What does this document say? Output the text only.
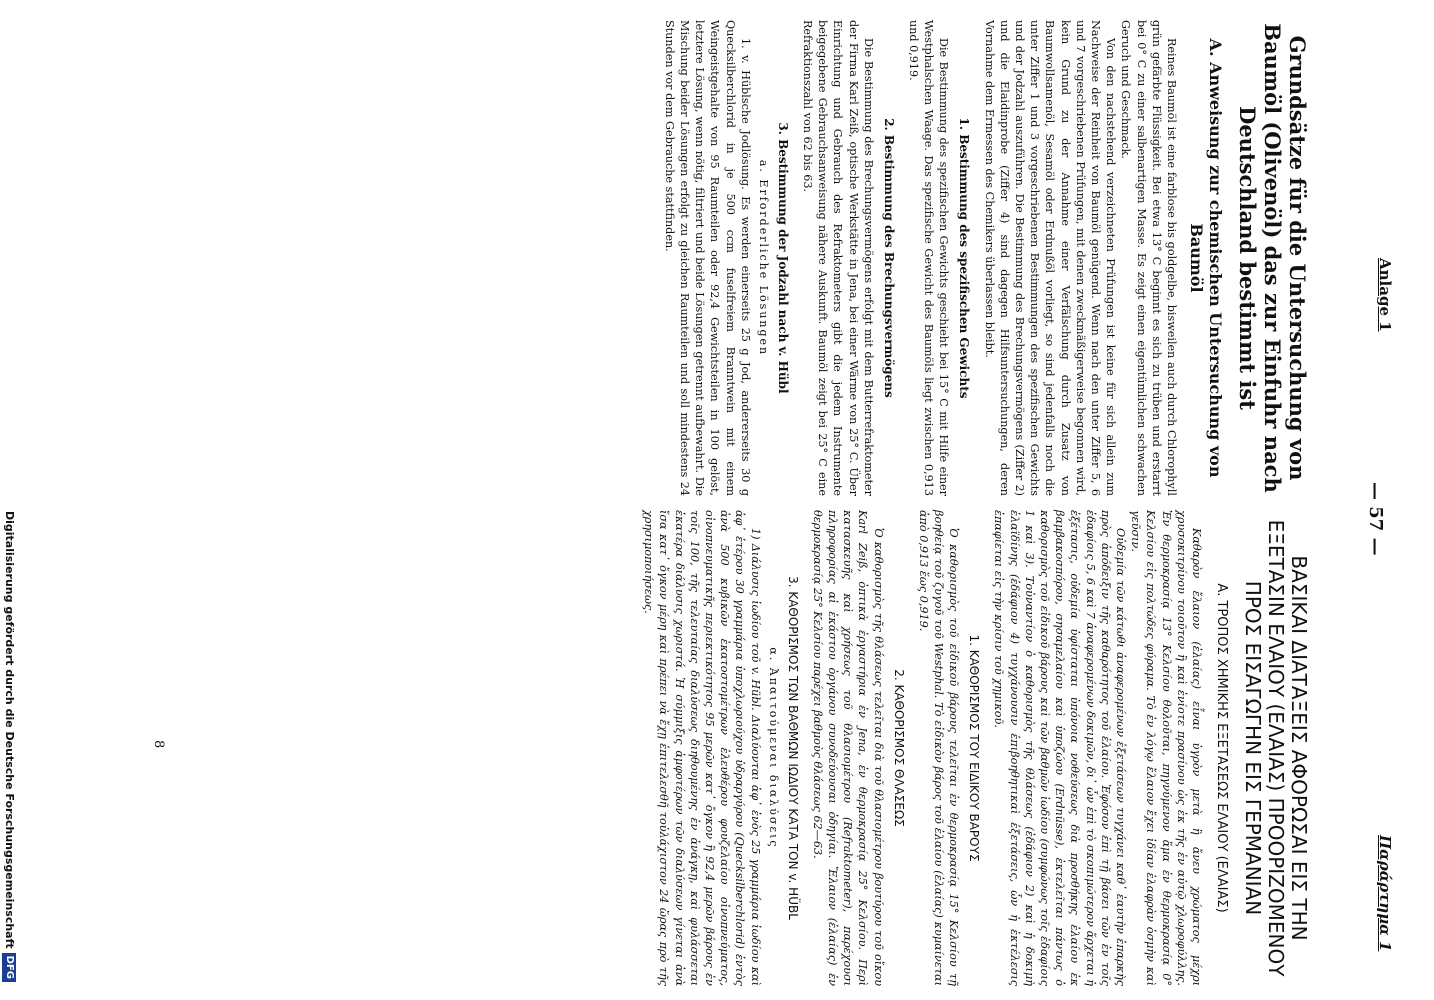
Anlage 1
— 57 —
Παράρτημα 1
Grundsätze für die Untersuchung von Baumöl (Olivenöl) das zur Einfuhr nach Deutschland bestimmt ist
A. Anweisung zur chemischen Untersuchung von Baumöl

Reines Baumöl ist eine farblose bis goldgelbe, bisweilen auch durch Chlorophyll grün gefärbte Flüssigkeit. Bei etwa 13° C beginnt es sich zu trüben und erstarrt bei 0° C zu einer salbenartigen Masse. Es zeigt einen eigentümlichen schwachen Geruch und Geschmack.

Von den nachstehend verzeichneten Prüfungen ist keine für sich allein zum Nachweise der Reinheit von Baumöl genügend. Wenn nach den unter Ziffer 5, 6 und 7 vorgeschriebenen Prüfungen, mit denen zweckmäßigerweise begonnen wird, kein Grund zu der Annahme einer Verfälschung durch Zusatz von Baumwollsamenöl, Sesamöl oder Erdnußöl vorliegt, so sind jedenfalls noch die unter Ziffer 1 und 3 vorgeschriebenen Bestimmungen des spezifischen Gewichts und der Jodzahl auszuführen. Die Bestimmung des Brechungsvermögens (Ziffer 2) und die Elaidinprobe (Ziffer 4) sind dagegen Hilfsuntersuchungen, deren Vornahme dem Ermessen des Chemikers überlassen bleibt.

1. Bestimmung des spezifischen Gewichts

Die Bestimmung des spezifischen Gewichts geschieht bei 15° C mit Hilfe einer Westphalschen Waage. Das spezifische Gewicht des Baumöls liegt zwischen 0,913 und 0,919.

2. Bestimmung des Brechungsvermögens

Die Bestimmung des Brechungsvermögens erfolgt mit dem Butterrefraktometer der Firma Karl Zeiß, optische Werkstätte in Jena, bei einer Wärme von 25° C. Über Einrichtung und Gebrauch des Refraktometers gibt die jedem Instrumente beigegebene Gebrauchsanweisung nähere Auskunft. Baumöl zeigt bei 25° C eine Refraktionszahl von 62 bis 63.

3. Bestimmung der Jodzahl nach v. Hübl
a. Erforderliche Lösungen

1. v. Hüblsche Jodlösung. Es werden einerseits 25 g Jod, andererseits 30 g Quecksilberchlorid in je 500 ccm fuselfreiem Branntwein mit einem Weingeistgehalte von 95 Raumteilen oder 92,4 Gewichtsteilen in 100 gelöst, letztere Lösung, wenn nötig, filtriert und beide Lösungen getrennt aufbewahrt. Die Mischung beider Lösungen erfolgt zu gleichen Raumteilen und soll mindestens 24 Stunden vor dem Gebrauche stattfinden.

ΒΑΣΙΚΑΙ ΔΙΑΤΑΞΕΙΣ ΑΦΟΡΩΣΑΙ ΕΙΣ ΤΗΝ ΕΞΕΤΑΣΙΝ ΕΛΑΙΟΥ (ΕΛΑΙΑΣ) ΠΡΟΟΡΙΖΟΜΕΝΟΥ ΠΡΟΣ ΕΙΣΑΓΩΓΗΝ ΕΙΣ ΓΕΡΜΑΝΙΑΝ
Α. ΤΡΟΠΟΣ ΧΗΜΙΚΗΣ ΕΞΕΤΑΣΕΩΣ ΕΛΑΙΟΥ (ΕΛΑΙΑΣ)

Καθαρὸν ἔλαιον (ἐλαίας) εἶναι ὑγρὸν μετὰ ἢ ἄνευ χρώματος μέχρι χρυσοκιτρίνου τοιοῦτον ἢ καὶ ἐνίοτε πρασίνου ὡς ἐκ τῆς ἐν αὐτῷ χλωροφύλλης. Ἐν θερμοκρασίᾳ 13° Κελσίου θολοῦται, πηγνύμενον ἅμα ἐν θερμοκρασίᾳ 0° Κελσίου εἰς πολτώδες φύραμα. Τὸ ἐν λόγῳ ἔλαιον ἔχει ἰδίαν ἐλαφρὰν ὀσμὴν καὶ γεῦσιν.

Οὐδεμία τῶν κάτωθι ἀναφερομένων ἐξετάσεων τυγχάνει καθ᾽ ἑαυτὴν ἐπαρκὴς πρὸς ἀπόδειξιν τῆς καθαρότητος τοῦ ἐλαίου. Ἐφόσον ἐπὶ τῇ βάσει τῶν ἐν τοῖς ἐδαφίοις 5, 6 καὶ 7 ἀναφερομένων δοκιμῶν, δι᾽ ὧν ἐπὶ τὸ σκοπιμώτερον ἄρχεται ἡ ἐξέτασις, οὐδεμία ὑφίσταται ὑπόνοια νοθεύσεως διὰ προσθήκης ἐλαίου ἐκ βαμβακοσπόρου, σησαμελαίου καὶ ὑποζώου (Erdnüsse), ἐκτελεῖται πάντως ὁ καθορισμὸς τοῦ εἰδικοῦ βάρους καὶ τῶν βαθμῶν ἰωδίου (συμφώνως τοῖς ἐδαφίοις 1 καὶ 3). Τοὐναντίον ὁ καθορισμὸς τῆς θλάσεως (ἐδάφιον 2) καὶ ἡ δοκιμὴ ἐλαϊδίνης (ἐδάφιον 4) τυγχάνουσιν ἐπιβοηθητικαὶ ἐξετάσεις, ὧν ἡ ἐκτέλεσις ἐπαφίεται εἰς τὴν κρίσιν τοῦ χημικοῦ.

1. ΚΑΘΟΡΙΣΜΟΣ ΤΟΥ ΕΙΔΙΚΟΥ ΒΑΡΟΥΣ

Ὁ καθορισμὸς τοῦ εἰδικοῦ βάρους τελεῖται ἐν θερμοκρασίᾳ 15° Κελσίου τῇ βοηθείᾳ τοῦ ζυγοῦ τοῦ Westphal. Τὸ εἰδικὸν βάρος τοῦ ἐλαίου (ἐλαίας) κυμαίνεται ἀπὸ 0,913 ἕως 0,919.

2. ΚΑΘΟΡΙΣΜΟΣ ΘΛΑΣΕΩΣ

Ὁ καθορισμὸς τῆς θλάσεως τελεῖται διὰ τοῦ θλασιομέτρου βουτύρου τοῦ οἴκου Karl Zeiß, ὀπτικὰ ἐργαστήρια ἐν Jena, ἐν θερμοκρασίᾳ 25° Κελσίου. Περὶ κατασκευῆς καὶ χρήσεως τοῦ θλασιομέτρου (Refraktometer), παρέχουσι πληροφορίας αἱ ἑκάστου ὀργάνου συνοδεύουσαι ὁδηγίαι. Ἔλαιον (ἐλαίας) ἐν θερμοκρασίᾳ 25° Κελσίου παρέχει βαθμοὺς θλάσεως 62—63.

3. ΚΑΘΟΡΙΣΜΟΣ ΤΩΝ ΒΑΘΜΩΝ ΙΩΔΙΟΥ ΚΑΤΑ ΤΟΝ v. HÜBL
α. Ἀπαιτούμεναι διαλύσεις

1) Διάλυσις ἰωδίου τοῦ v. Hübl. Διαλύονται ἀφ᾽ ἑνὸς 25 γραμμάρια ἰωδίου καὶ ἀφ᾽ ἑτέρου 30 γραμμάρια ὑποχλωριούχου ὑδραργύρου (Quecksilberchlorid) ἐντὸς ἀνὰ 500 κυβικῶν ἑκατοστομέτρων ἐλευθέρου φουζελαίου οἰνοπνεύματος, οἰνοπνευματικῆς περιεκτικότητος 95 μερῶν κατ᾽ ὄγκον ἢ 92,4 μερῶν βάρους ἐν τοῖς 100, τῆς τελευταίας διαλύσεως διηθουμένης ἐν ἀνάγκῃ, καὶ φυλάσσεται ἑκατέρα διάλυσις χωριστά. Ἡ σύμμιξις ἀμφοτέρων τῶν διαλύσεων γίνεται ἀνὰ ἴσα κατ᾽ ὄγκον μέρη καὶ πρέπει νὰ ἔχῃ ἐπιτελεσθῆ τοὐλάχιστον 24 ὥρας πρὸ τῆς χρησιμοποιήσεως.

8
Digitalisierung gefördert durch die Deutsche Forschungsgemeinschaft
DFG
